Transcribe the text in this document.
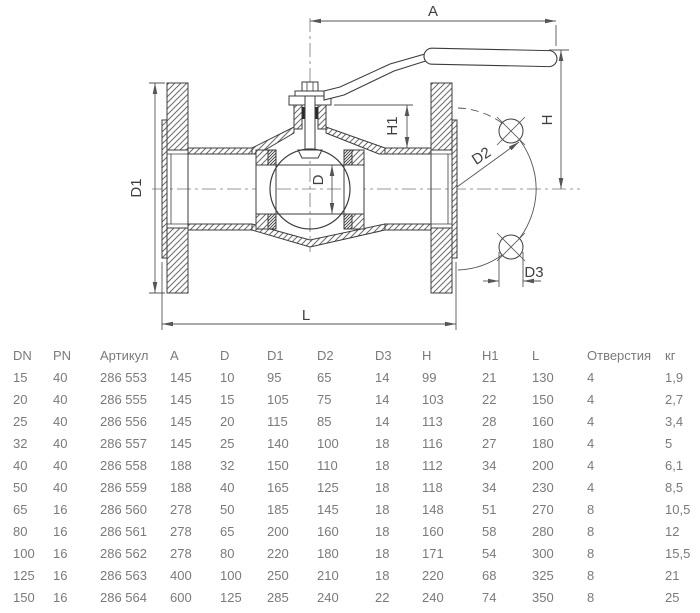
A
H
H1
D
D1
D2
D3
L
DN	PN	Артикул	A	D	D1	D2	D3	H	H1	L	Отверстия	кг
15	40	286 553	145	10	95	65	14	99	21	130	4	1,9
20	40	286 555	145	15	105	75	14	103	22	150	4	2,7
25	40	286 556	145	20	115	85	14	113	28	160	4	3,4
32	40	286 557	145	25	140	100	18	116	27	180	4	5
40	40	286 558	188	32	150	110	18	112	34	200	4	6,1
50	40	286 559	188	40	165	125	18	118	34	230	4	8,5
65	16	286 560	278	50	185	145	18	148	51	270	8	10,5
80	16	286 561	278	65	200	160	18	160	58	280	8	12
100	16	286 562	278	80	220	180	18	171	54	300	8	15,5
125	16	286 563	400	100	250	210	18	220	68	325	8	21
150	16	286 564	600	125	285	240	22	240	74	350	8	25
